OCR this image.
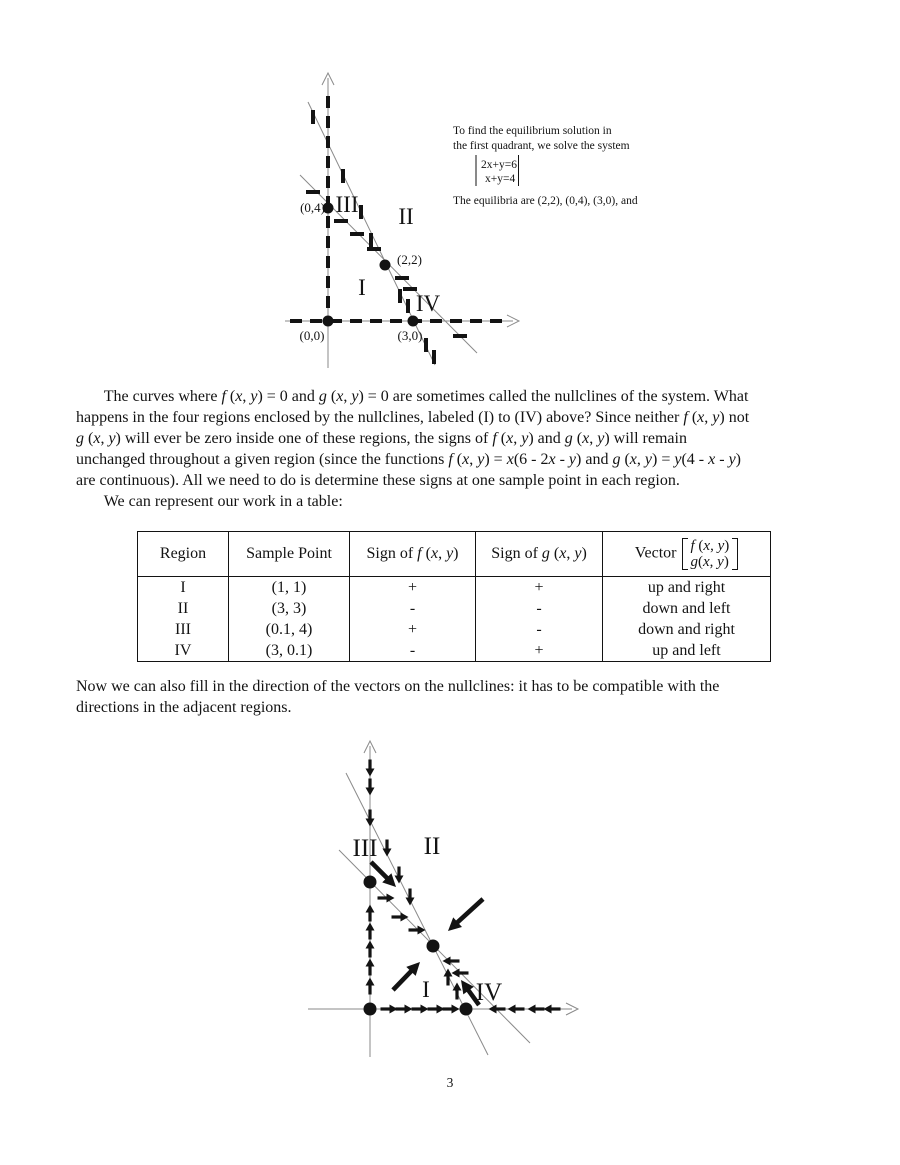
(0,4)
(2,2)
(0,0)	(3,0)
III II
I
IV
To find the equilibrium solution in
the first quadrant, we solve the system
2x+y=6
x+y=4
The equilibria are (2,2), (0,4), (3,0), and
III II
I IV
The curves where f (x, y) = 0 and g (x, y) = 0 are sometimes called the nullclines of the system. What
happens in the four regions enclosed by the nullclines, labeled (I) to (IV) above? Since neither f (x, y) not
g (x, y) will ever be zero inside one of these regions, the signs of f (x, y) and g (x, y) will remain
unchanged throughout a given region (since the functions f (x, y) = x(6 - 2x - y) and g (x, y) = y(4 - x - y)
are continuous). All we need to do is determine these signs at one sample point in each region.
We can represent our work in a table:
Region	Sample Point	Sign of f (x, y)	Sign of g (x, y)	Vector f (x, y)
g(x, y)

I	(1, 1)	+	+	up and right
II	(3, 3)	-	-	down and left
III	(0.1, 4)	+	-	down and right
IV	(3, 0.1)	-	+	up and left
Now we can also fill in the direction of the vectors on the nullclines: it has to be compatible with the
directions in the adjacent regions.
3
